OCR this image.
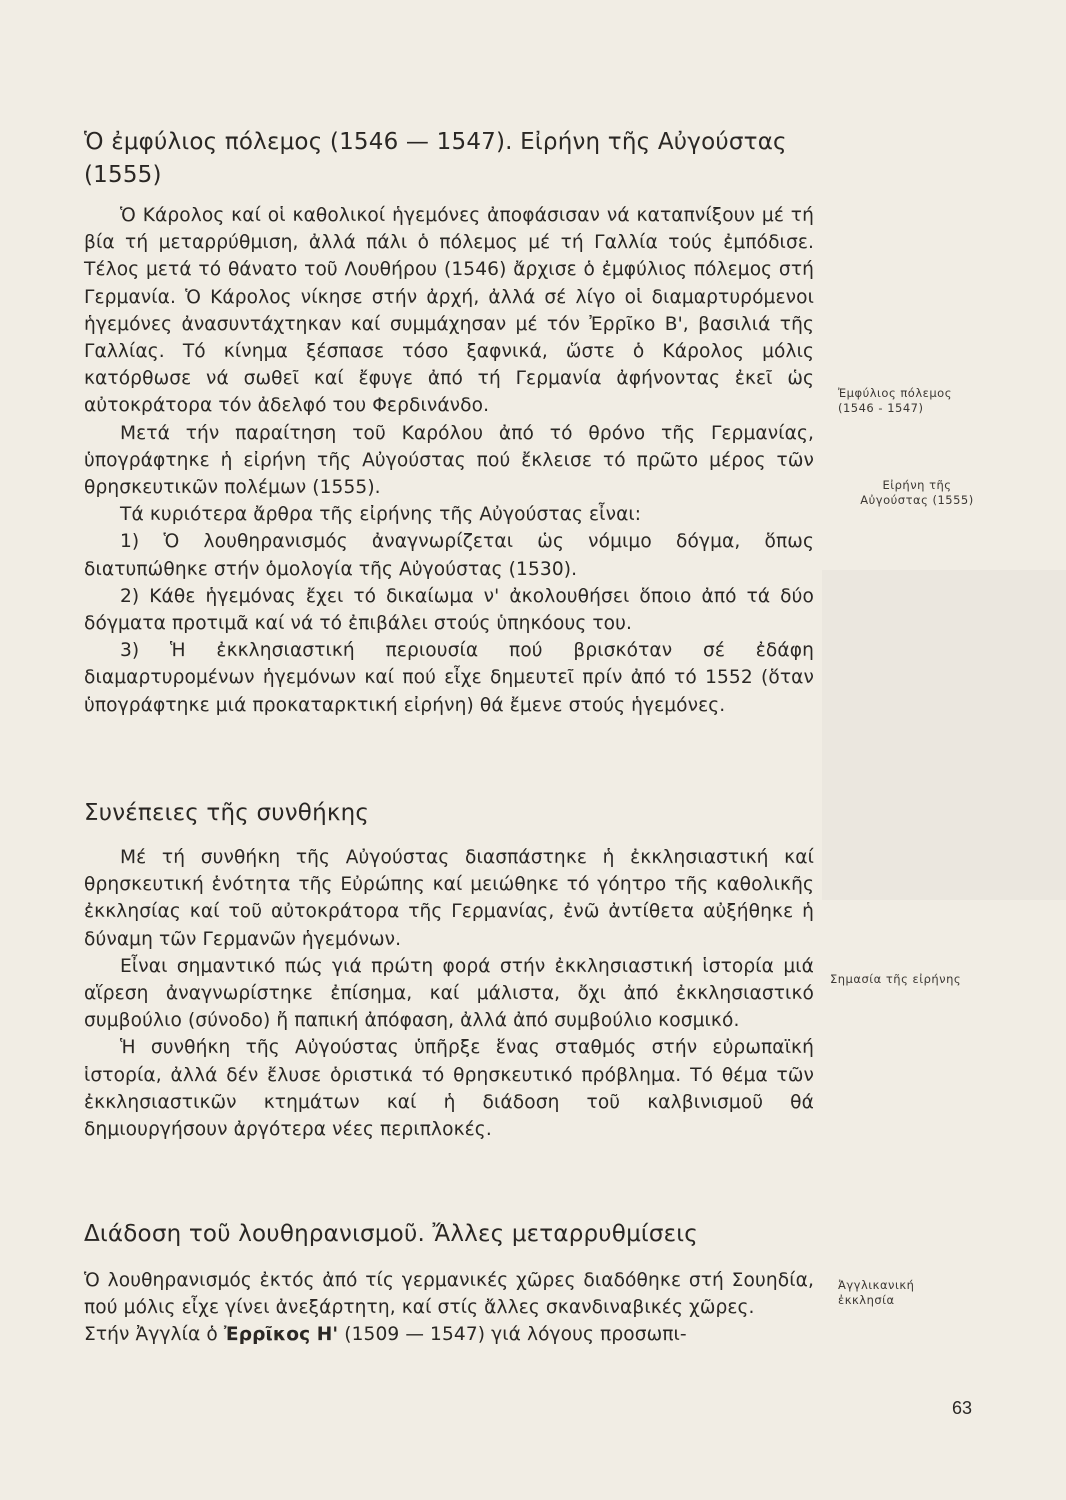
Ὁ ἐμφύλιος πόλεμος (1546 — 1547). Εἰρήνη τῆς Αὐγούστας (1555)

Ὁ Κάρολος καί οἱ καθολικοί ἡγεμόνες ἀποφάσισαν νά καταπνίξουν μέ τή βία τή μεταρρύθμιση, ἀλλά πάλι ὁ πόλεμος μέ τή Γαλλία τούς ἐμπόδισε. Τέλος μετά τό θάνατο τοῦ Λουθήρου (1546) ἄρχισε ὁ ἐμφύλιος πόλεμος στή Γερμανία. Ὁ Κάρολος νίκησε στήν ἀρχή, ἀλλά σέ λίγο οἱ διαμαρτυρόμενοι ἡγεμόνες ἀνασυντάχτηκαν καί συμμάχησαν μέ τόν Ἐρρῖκο Β', βασιλιά τῆς Γαλλίας. Τό κίνημα ξέσπασε τόσο ξαφνικά, ὥστε ὁ Κάρολος μόλις κατόρθωσε νά σωθεῖ καί ἔφυγε ἀπό τή Γερμανία ἀφήνοντας ἐκεῖ ὡς αὐτοκράτορα τόν ἀδελφό του Φερδινάνδο.

Μετά τήν παραίτηση τοῦ Καρόλου ἀπό τό θρόνο τῆς Γερμανίας, ὑπογράφτηκε ἡ εἰρήνη τῆς Αὐγούστας πού ἔκλεισε τό πρῶτο μέρος τῶν θρησκευτικῶν πολέμων (1555).

Τά κυριότερα ἄρθρα τῆς εἰρήνης τῆς Αὐγούστας εἶναι:

1) Ὁ λουθηρανισμός ἀναγνωρίζεται ὡς νόμιμο δόγμα, ὅπως διατυπώθηκε στήν ὁμολογία τῆς Αὐγούστας (1530).

2) Κάθε ἡγεμόνας ἔχει τό δικαίωμα ν' ἀκολουθήσει ὅποιο ἀπό τά δύο δόγματα προτιμᾶ καί νά τό ἐπιβάλει στούς ὑπηκόους του.

3) Ἡ ἐκκλησιαστική περιουσία πού βρισκόταν σέ ἐδάφη διαμαρτυρομένων ἡγεμόνων καί πού εἶχε δημευτεῖ πρίν ἀπό τό 1552 (ὅταν ὑπογράφτηκε μιά προκαταρκτική εἰρήνη) θά ἔμενε στούς ἡγεμόνες.

Συνέπειες τῆς συνθήκης

Μέ τή συνθήκη τῆς Αὐγούστας διασπάστηκε ἡ ἐκκλησιαστική καί θρησκευτική ἑνότητα τῆς Εὐρώπης καί μειώθηκε τό γόητρο τῆς καθολικῆς ἐκκλησίας καί τοῦ αὐτοκράτορα τῆς Γερμανίας, ἐνῶ ἀντίθετα αὐξήθηκε ἡ δύναμη τῶν Γερμανῶν ἡγεμόνων.

Εἶναι σημαντικό πώς γιά πρώτη φορά στήν ἐκκλησιαστική ἱστορία μιά αἵρεση ἀναγνωρίστηκε ἐπίσημα, καί μάλιστα, ὄχι ἀπό ἐκκλησιαστικό συμβούλιο (σύνοδο) ἤ παπική ἀπόφαση, ἀλλά ἀπό συμβούλιο κοσμικό.

Ἡ συνθήκη τῆς Αὐγούστας ὑπῆρξε ἕνας σταθμός στήν εὐρωπαϊκή ἱστορία, ἀλλά δέν ἔλυσε ὁριστικά τό θρησκευτικό πρόβλημα. Τό θέμα τῶν ἐκκλησιαστικῶν κτημάτων καί ἡ διάδοση τοῦ καλβινισμοῦ θά δημιουργήσουν ἀργότερα νέες περιπλοκές.

Διάδοση τοῦ λουθηρανισμοῦ. Ἄλλες μεταρρυθμίσεις

Ὁ λουθηρανισμός ἐκτός ἀπό τίς γερμανικές χῶρες διαδόθηκε στή Σουηδία, πού μόλις εἶχε γίνει ἀνεξάρτητη, καί στίς ἄλλες σκανδιναβικές χῶρες.

Στήν Ἀγγλία ὁ Ἐρρῖκος Η' (1509 — 1547) γιά λόγους προσωπι-

Ἐμφύλιος πόλεμος
(1546 - 1547)
Εἰρήνη τῆς
Αὐγούστας (1555)
Σημασία τῆς εἰρήνης
Ἀγγλικανική
ἐκκλησία
63
